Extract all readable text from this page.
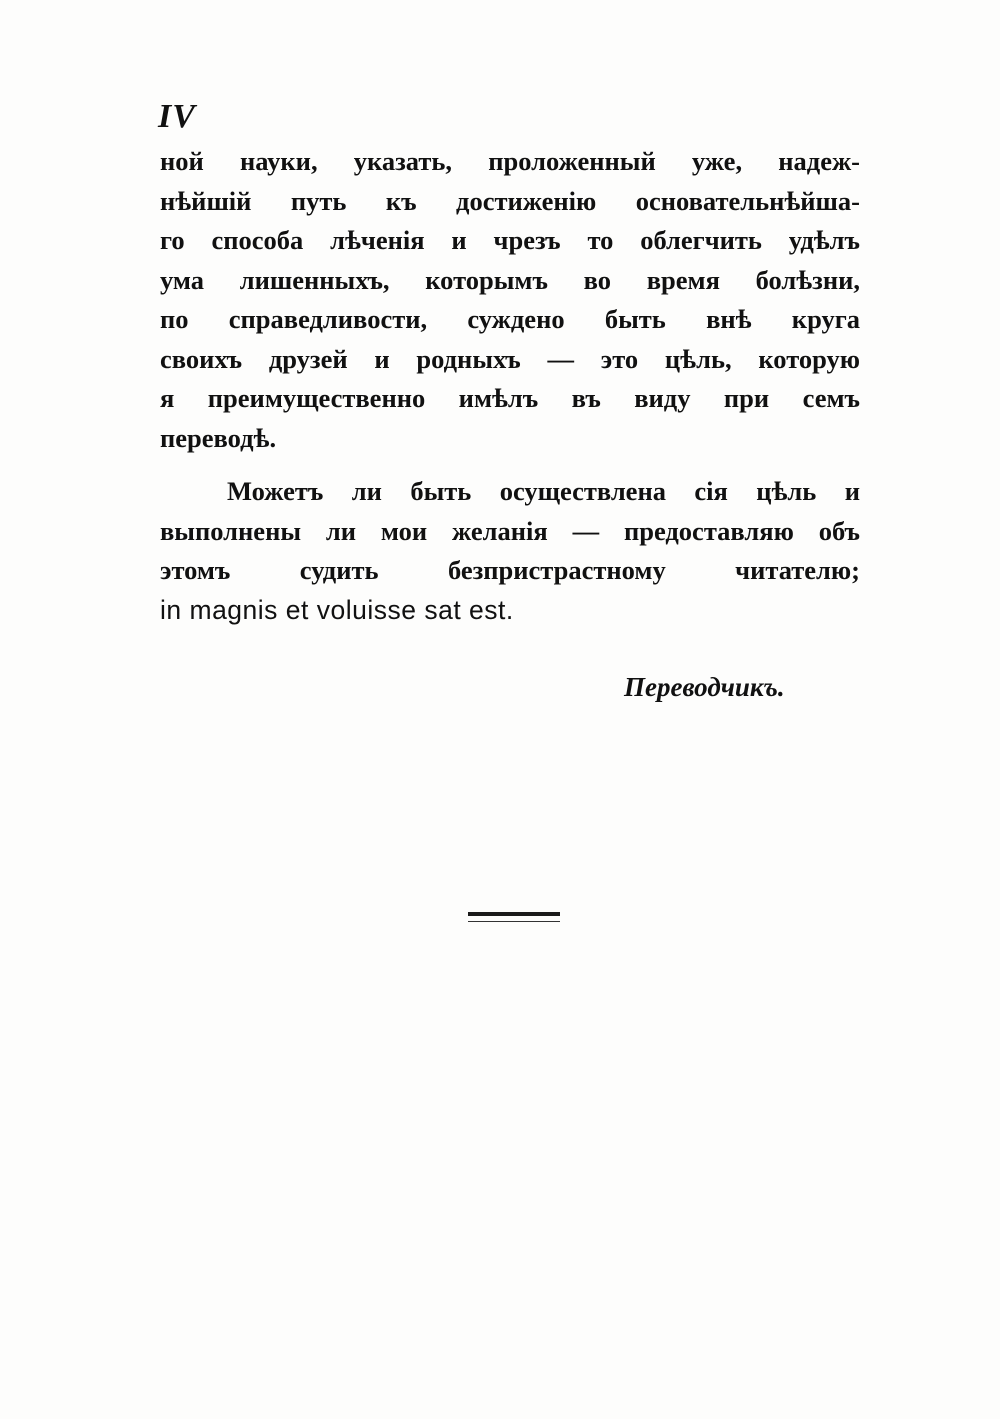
IV
ной науки, указать, проложенный уже, надеж-
нѣйшій путь къ достиженію основательнѣйша-
го способа лѣченія и чрезъ то облегчить удѣлъ
ума лишенныхъ, которымъ во время болѣзни,
по справедливости, суждено быть внѣ круга
своихъ друзей и родныхъ — это цѣль, которую
я преимущественно имѣлъ въ виду при семъ
переводѣ.
Можетъ ли быть осуществлена сія цѣль и
выполнены ли мои желанія — предоставляю объ
этомъ судить безпристрастному читателю;
in magnis et voluisse sat est.
Переводчикъ.
